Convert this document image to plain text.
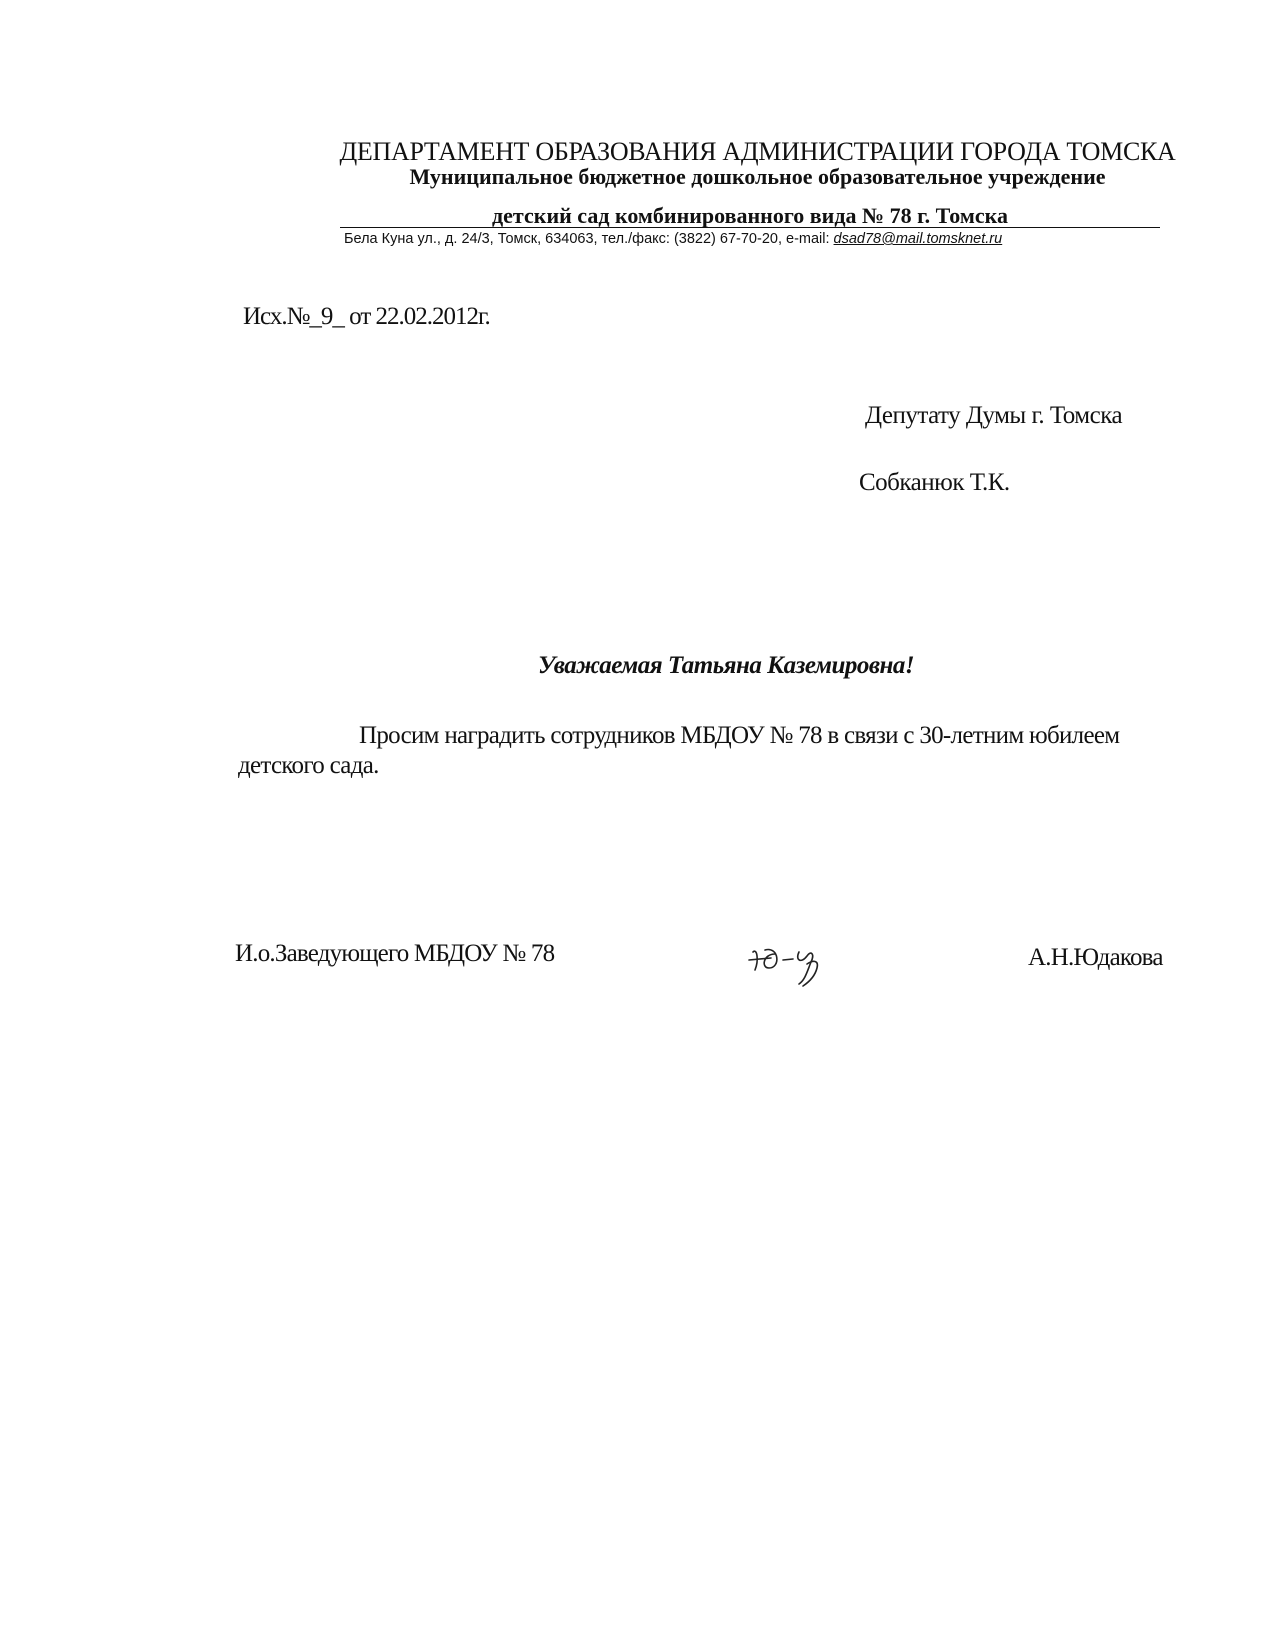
ДЕПАРТАМЕНТ ОБРАЗОВАНИЯ АДМИНИСТРАЦИИ ГОРОДА ТОМСКА
Муниципальное бюджетное дошкольное образовательное учреждение
детский сад комбинированного вида № 78 г. Томска
Бела Куна ул., д. 24/3, Томск, 634063, тел./факс: (3822) 67-70-20, e-mail: dsad78@mail.tomsknet.ru
Исх.№_9_ от 22.02.2012г.
Депутату Думы г. Томска
Собканюк Т.К.
Уважаемая Татьяна Каземировна!
Просим наградить сотрудников МБДОУ № 78 в связи с 30-летним юбилеем
детского сада.
И.о.Заведующего МБДОУ № 78	А.Н.Юдакова
